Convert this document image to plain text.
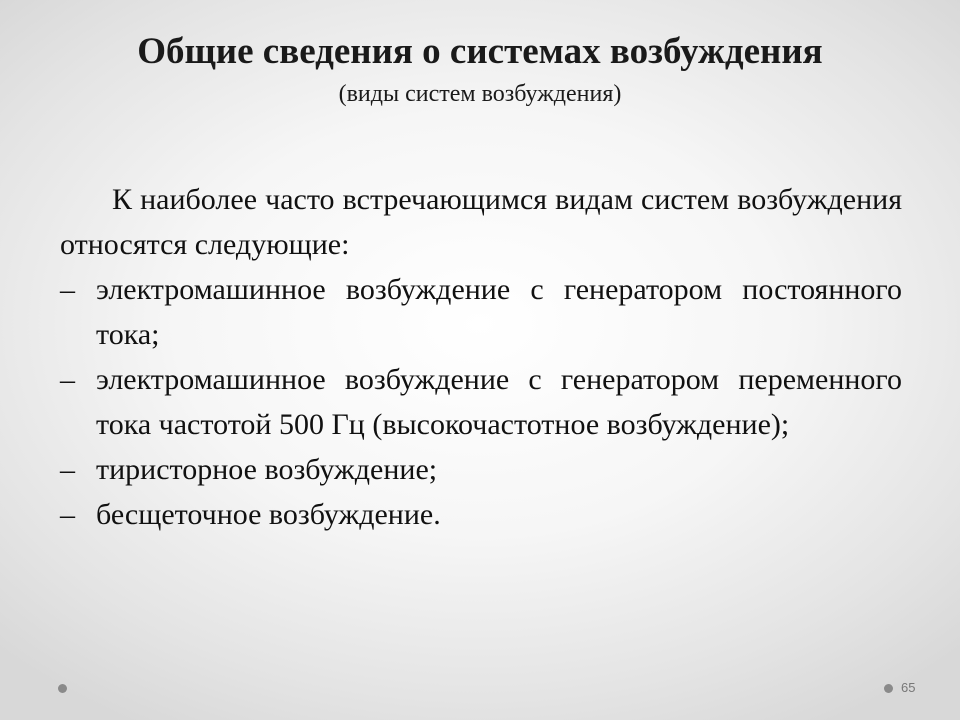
Общие сведения о системах возбуждения
(виды систем возбуждения)

К наиболее часто встречающимся видам систем возбуждения относятся следующие:

– электромашинное возбуждение с генератором постоянного тока;
– электромашинное возбуждение с генератором переменного тока частотой 500 Гц (высокочастотное возбуждение);
– тиристорное возбуждение;
– бесщеточное возбуждение.
65
